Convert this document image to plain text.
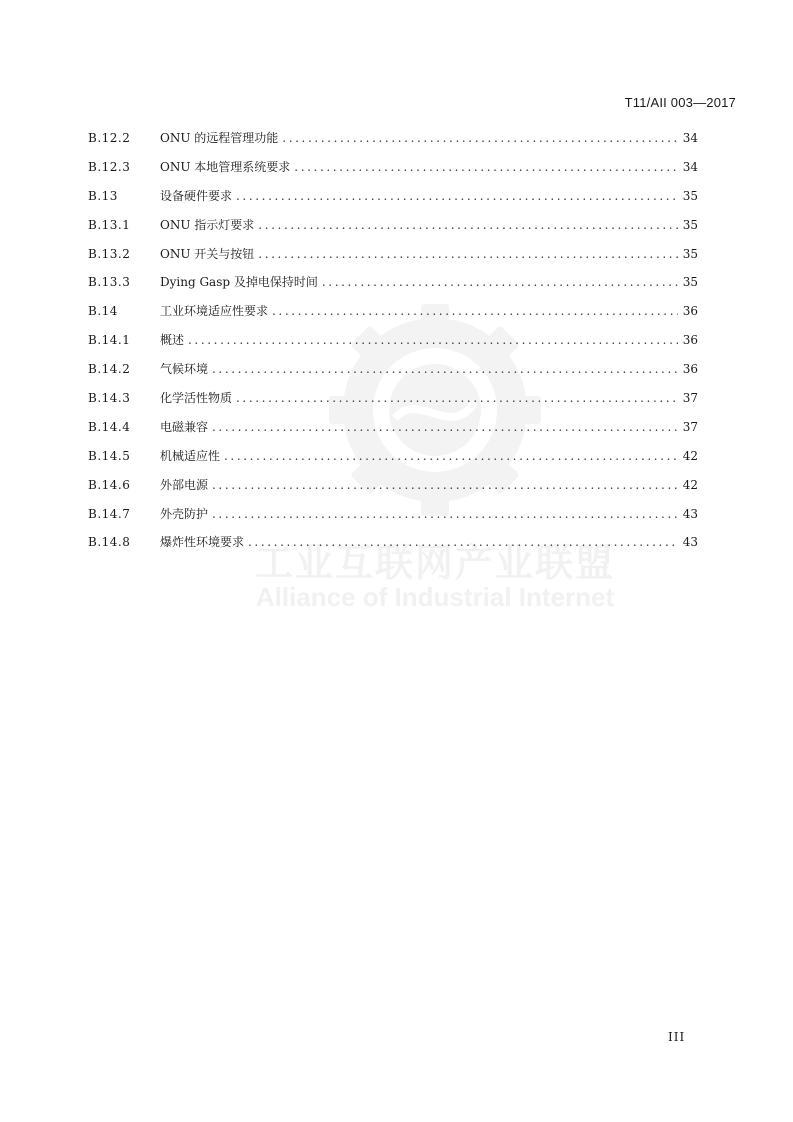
T11/AII 003—2017
工业互联网产业联盟
Alliance of Industrial Internet
B.12.2	ONU 的远程管理功能 .....	34
B.12.3	ONU 本地管理系统要求 .....	34
B.13	设备硬件要求 .....	35
B.13.1	ONU 指示灯要求 .....	35
B.13.2	ONU 开关与按钮 .....	35
B.13.3	Dying Gasp 及掉电保持时间 .....	35
B.14	工业环境适应性要求 .....	36
B.14.1	概述 .....	36
B.14.2	气候环境 .....	36
B.14.3	化学活性物质 .....	37
B.14.4	电磁兼容 .....	37
B.14.5	机械适应性 .....	42
B.14.6	外部电源 .....	42
B.14.7	外壳防护 .....	43
B.14.8	爆炸性环境要求 .....	43
III
